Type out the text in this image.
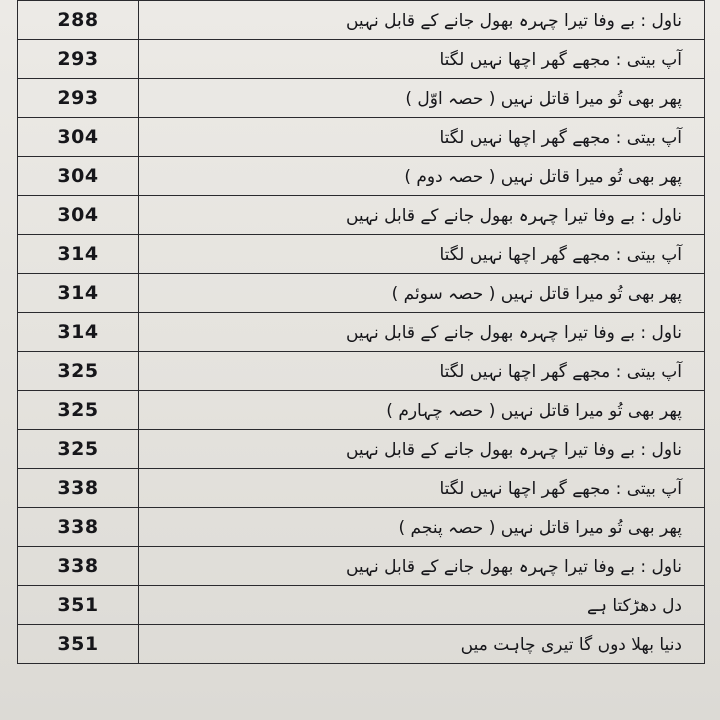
288	ناول : بے وفا تیرا چہرہ بھول جانے کے قابل نہیں
293	آپ بیتی : مجھے گھر اچھا نہیں لگتا
293	پھر بھی تُو میرا قاتل نہیں ( حصہ اوّل )
304	آپ بیتی : مجھے گھر اچھا نہیں لگتا
304	پھر بھی تُو میرا قاتل نہیں ( حصہ دوم )
304	ناول : بے وفا تیرا چہرہ بھول جانے کے قابل نہیں
314	آپ بیتی : مجھے گھر اچھا نہیں لگتا
314	پھر بھی تُو میرا قاتل نہیں ( حصہ سوئم )
314	ناول : بے وفا تیرا چہرہ بھول جانے کے قابل نہیں
325	آپ بیتی : مجھے گھر اچھا نہیں لگتا
325	پھر بھی تُو میرا قاتل نہیں ( حصہ چہارم )
325	ناول : بے وفا تیرا چہرہ بھول جانے کے قابل نہیں
338	آپ بیتی : مجھے گھر اچھا نہیں لگتا
338	پھر بھی تُو میرا قاتل نہیں ( حصہ پنجم )
338	ناول : بے وفا تیرا چہرہ بھول جانے کے قابل نہیں
351	دل دھڑکتا ہے
351	دنیا بھلا دوں گا تیری چاہت میں
